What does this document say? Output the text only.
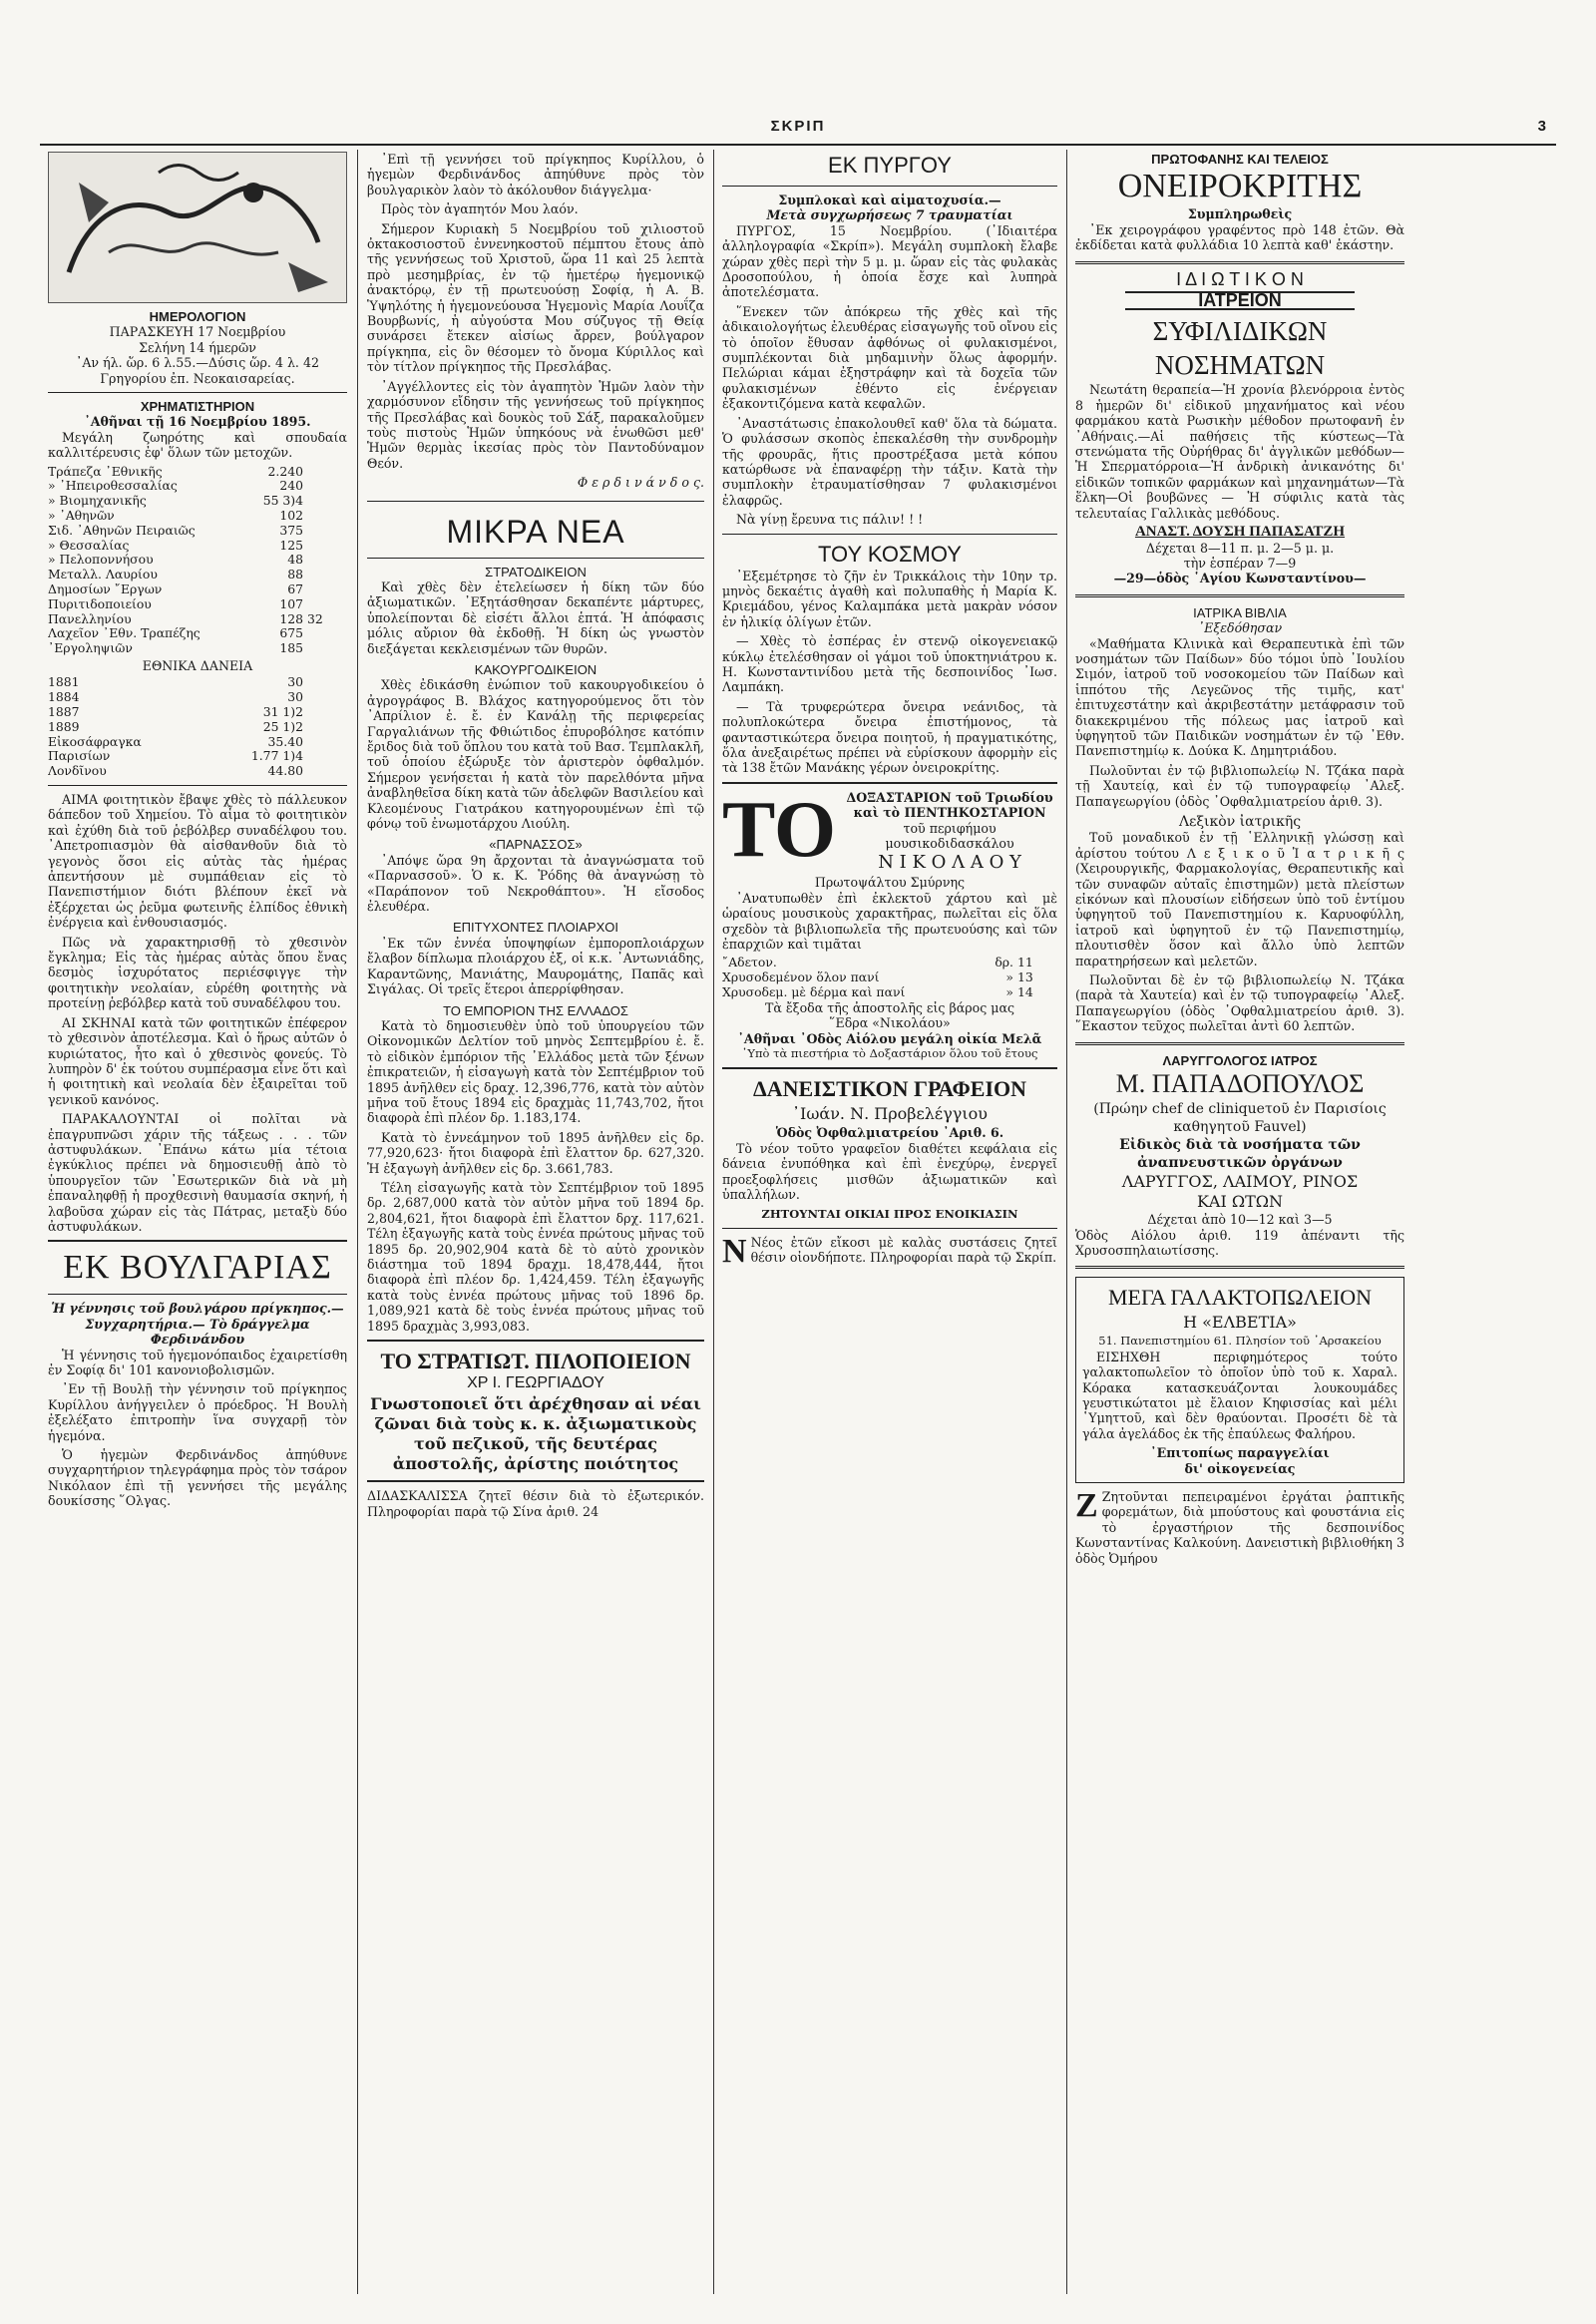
ΣΚΡΙΠ	3
ΗΜΕΡΟΛΟΓΙΟΝ
ΠΑΡΑΣΚΕΥΗ 17 Νοεμβρίου
Σελήνη 14 ήμερῶν
᾿Αν ήλ. ὥρ. 6 λ.55.—Δύσις ὥρ. 4 λ. 42
Γρηγορίου ἐπ. Νεοκαισαρείας.
ΧΡΗΜΑΤΙΣΤΗΡΙΟΝ
᾿Αθῆναι τῇ 16 Νοεμβρίου 1895.

Μεγάλη ζωηρότης καὶ σπουδαία καλλιτέρευσις ἐφ' ὅλων τῶν μετοχῶν.

Τράπεζα ᾿Εθνικῆς	2.240	
» ᾿Ηπειροθεσσαλίας	240	
» Βιομηχανικῆς	55 3)4	
» ᾿Αθηνῶν	102	
Σιδ. ᾿Αθηνῶν Πειραιῶς	375	
» Θεσσαλίας	125	
» Πελοποννήσου	48	
Μεταλλ. Λαυρίου	88	
Δημοσίων ῎Εργων	67	
Πυριτιδοποιείου	107	
Πανελληνίου	128	32
Λαχεῖον ᾿Εθν. Τραπέζης	675	
᾿Εργοληψιῶν	185	
ΕΘΝΙΚΑ ΔΑΝΕΙΑ
1881	30	
1884	30	
1887	31 1)2	
1889	25 1)2	
Εἰκοσάφραγκα	35.40	
Παρισίων	1.77 1)4	
Λονδῖνου	44.80	

ΑΙΜΑ φοιτητικὸν ἔβαψε χθὲς τὸ πάλλευκον δάπεδον τοῦ Χημείου. Τὸ αἷμα τὸ φοιτητικὸν καὶ ἐχύθη διὰ τοῦ ῥεβόλβερ συναδέλφου του. ᾿Απετροπιασμὸν θὰ αἰσθανθοῦν διὰ τὸ γεγονὸς ὅσοι εἰς αὐτὰς τὰς ἡμέρας ἀπεντήσουν μὲ συμπάθειαν εἰς τὸ Πανεπιστήμιον διότι βλέπουν ἐκεῖ νὰ ἐξέρχεται ὡς ῥεῦμα φωτεινῆς ἐλπίδος ἐθνικὴ ἐνέργεια καὶ ἐνθουσιασμός.

Πῶς νὰ χαρακτηρισθῇ τὸ χθεσινὸν ἔγκλημα; Εἰς τὰς ἡμέρας αὐτὰς ὅπου ἔνας δεσμὸς ἰσχυρότατος περιέσφιγγε τὴν φοιτητικὴν νεολαίαν, εὑρέθη φοιτητὴς νὰ προτείνῃ ῥεβόλβερ κατὰ τοῦ συναδέλφου του.

ΑΙ ΣΚΗΝΑΙ κατὰ τῶν φοιτητικῶν ἐπέφερον τὸ χθεσινὸν ἀποτέλεσμα. Καὶ ὁ ἥρως αὐτῶν ὁ κυριώτατος, ἦτο καὶ ὁ χθεσινὸς φονεύς. Τὸ λυπηρὸν δ' ἐκ τούτου συμπέρασμα εἶνε ὅτι καὶ ἡ φοιτητικὴ καὶ νεολαία δὲν ἐξαιρεῖται τοῦ γενικοῦ κανόνος.

ΠΑΡΑΚΑΛΟΥΝΤΑΙ οἱ πολῖται νὰ ἐπαγρυπνῶσι χάριν τῆς τάξεως . . . τῶν ἀστυφυλάκων. ᾿Επάνω κάτω μία τέτοια ἐγκύκλιος πρέπει νὰ δημοσιευθῇ ἀπὸ τὸ ὑπουργεῖον τῶν ᾿Εσωτερικῶν διὰ νὰ μὴ ἐπαναληφθῇ ἡ πρoχθεσινὴ θαυμασία σκηνή, ἡ λαβοῦσα χώραν εἰς τὰς Πάτρας, μεταξὺ δύο ἀστυφυλάκων.

ΕΚ ΒΟΥΛΓΑΡΙΑΣ
Ἡ γέννησις τοῦ βουλγάρου πρίγκηπος.— Συγχαρητήρια.— Τὸ δράγγελμα Φερδινάνδου

Ἡ γέννησις τοῦ ἡγεμονόπαιδος ἐχαιρετίσθη ἐν Σοφίᾳ δι' 101 κανονιοβολισμῶν.

᾿Εν τῇ Βουλῇ τὴν γέννησιν τοῦ πρίγκηπος Κυρίλλου ἀνήγγειλεν ὁ πρόεδρος. Ἡ Βουλὴ ἐξελέξατο ἐπιτροπὴν ἵνα συγχαρῇ τὸν ἡγεμόνα.

Ὁ ἡγεμὼν Φερδινάνδος ἀπηύθυνε συγχαρητήριον τηλεγράφημα πρὸς τὸν τσάρον Νικόλαον ἐπὶ τῇ γεννήσει τῆς μεγάλης δουκίσσης ῞Ολγας.

᾿Επὶ τῇ γεννήσει τοῦ πρίγκηπος Κυρίλλου, ὁ ἡγεμὼν Φερδινάνδος ἀπηύθυνε πρὸς τὸν βουλγαρικὸν λαὸν τὸ ἀκόλουθον διάγγελμα·

Πρὸς τὸν ἀγαπητόν Μου λαόν.

Σήμερον Κυριακὴ 5 Νοεμβρίου τοῦ χιλιοστοῦ ὀκτακοσιοστοῦ ἐννενηκοστοῦ πέμπτου ἔτους ἀπὸ τῆς γεννήσεως τοῦ Χριστοῦ, ὥρα 11 καὶ 25 λεπτὰ πρὸ μεσημβρίας, ἐν τῷ ἡμετέρῳ ἡγεμονικῷ ἀνακτόρῳ, ἐν τῇ πρωτευούσῃ Σοφίᾳ, ἡ Α. Β. Ὑψηλότης ἡ ἡγεμονεύουσα Ἡγεμονὶς Μαρία Λουΐζα Βουρβωνίς, ἡ αὐγούστα Μου σύζυγος τῇ Θείᾳ συνάρσει ἔτεκεν αἰσίως ἄρρεν, βούλγαρον πρίγκηπα, εἰς ὃν θέσομεν τὸ ὄνομα Κύριλλος καὶ τὸν τίτλον πρίγκηπος τῆς Πρεσλάβας.

᾿Αγγέλλοντες εἰς τὸν ἀγαπητὸν Ἡμῶν λαὸν τὴν χαρμόσυνον εἴδησιν τῆς γεννήσεως τοῦ πρίγκηπος τῆς Πρεσλάβας καὶ δουκὸς τοῦ Σάξ, παρακαλοῦμεν τοὺς πιστοὺς Ἡμῶν ὑπηκόους νὰ ἑνωθῶσι μεθ' Ἡμῶν θερμὰς ἱκεσίας πρὸς τὸν Παντοδύναμον Θεόν.

Φ ε ρ δ ι ν ά ν δ ο ς.
ΜΙΚΡΑ ΝΕΑ
ΣΤΡΑΤΟΔΙΚΕΙΟΝ

Καὶ χθὲς δὲν ἐτελείωσεν ἡ δίκη τῶν δύο ἀξιωματικῶν. ᾿Εξητάσθησαν δεκαπέντε μάρτυρες, ὑπολείπονται δὲ εἰσέτι ἄλλοι ἑπτά. Ἡ ἀπόφασις μόλις αὔριον θὰ ἐκδοθῇ. Ἡ δίκη ὡς γνωστὸν διεξάγεται κεκλεισμένων τῶν θυρῶν.

ΚΑΚΟΥΡΓΟΔΙΚΕΙΟΝ

Χθὲς ἐδικάσθη ἐνώπιον τοῦ κακουργοδικείου ὁ ἀγρογράφος Β. Βλάχος κατηγορούμενος ὅτι τὸν ᾿Απρίλιον ἐ. ἔ. ἐν Κανάλῃ τῆς περιφερείας Γαργαλιάνων τῆς Φθιώτιδος ἐπυροβόλησε κατόπιν ἔριδος διὰ τοῦ ὅπλου του κατὰ τοῦ Βασ. Τεμπλακλῆ, τοῦ ὁποίου ἐξώρυξε τὸν ἀριστερὸν ὀφθαλμόν. Σήμερον γενήσεται ἡ κατὰ τὸν παρελθόντα μῆνα ἀναβληθεῖσα δίκη κατὰ τῶν ἀδελφῶν Βασιλείου καὶ Κλεομένους Γιατράκου κατηγορουμένων ἐπὶ τῷ φόνῳ τοῦ ἐνωμοτάρχου Λιούλη.

«ΠΑΡΝΑΣΣΟΣ»

᾿Απόψε ὥρα 9η ἄρχονται τὰ ἀναγνώσματα τοῦ «Παρνασσοῦ». Ὁ κ. Κ. Ῥόδης θὰ ἀναγνώσῃ τὸ «Παράπονον τοῦ Νεκροθάπτου». Ἡ εἴσοδος ἐλευθέρα.

ΕΠΙΤΥΧΟΝΤΕΣ ΠΛΟΙΑΡΧΟΙ

᾿Εκ τῶν ἐννέα ὑποψηφίων ἐμποροπλοιάρχων ἔλαβον δίπλωμα πλοιάρχου ἐξ, οἱ κ.κ. ᾿Αντωνιάδης, Καραντῶνης, Μανιάτης, Μαυρομάτης, Παπᾶς καὶ Σιγάλας. Οἱ τρεῖς ἕτεροι ἀπερρίφθησαν.

ΤΟ ΕΜΠΟΡΙΟΝ ΤΗΣ ΕΛΛΑΔΟΣ

Κατὰ τὸ δημοσιευθὲν ὑπὸ τοῦ ὑπουργείου τῶν Οἰκονομικῶν Δελτίον τοῦ μηνὸς Σεπτεμβρίου ἐ. ἔ. τὸ εἰδικὸν ἐμπόριον τῆς ᾿Ελλάδος μετὰ τῶν ξένων ἐπικρατειῶν, ἡ εἰσαγωγὴ κατὰ τὸν Σεπτέμβριον τοῦ 1895 ἀνῆλθεν εἰς δραχ. 12,396,776, κατὰ τὸν αὐτὸν μῆνα τοῦ ἔτους 1894 εἰς δραχμὰς 11,743,702, ἤτοι διαφορὰ ἐπὶ πλέον δρ. 1.183,174.

Κατὰ τὸ ἐννεάμηνον τοῦ 1895 ἀνῆλθεν εἰς δρ. 77,920,623· ἤτοι διαφορὰ ἐπὶ ἔλαττον δρ. 627,320. Ἡ ἐξαγωγὴ ἀνῆλθεν εἰς δρ. 3.661,783.

Τέλη εἰσαγωγῆς κατὰ τὸν Σεπτέμβριον τοῦ 1895 δρ. 2,687,000 κατὰ τὸν αὐτὸν μῆνα τοῦ 1894 δρ. 2,804,621, ἤτοι διαφορὰ ἐπὶ ἔλαττον δρχ. 117,621. Τέλη ἐξαγωγῆς κατὰ τοὺς ἐννέα πρώτους μῆνας τοῦ 1895 δρ. 20,902,904 κατὰ δὲ τὸ αὐτὸ χρονικὸν διάστημα τοῦ 1894 δραχμ. 18,478,444, ἤτοι διαφορὰ ἐπὶ πλέον δρ. 1,424,459. Τέλη ἐξαγωγῆς κατὰ τοὺς ἐννέα πρώτους μῆνας τοῦ 1896 δρ. 1,089,921 κατὰ δὲ τοὺς ἐννέα πρώτους μῆνας τοῦ 1895 δραχμὰς 3,993,083.

ΤΟ ΣΤΡΑΤΙΩΤ. ΠΙΛΟΠΟΙΕΙΟΝ
ΧΡ Ι. ΓΕΩΡΓΙΑΔΟΥ
Γνωστοποιεῖ ὅτι ἀρέχθησαν αἱ νέαι ζῶναι διὰ τοὺς κ. κ. ἀξιωματικοὺς τοῦ πεζικοῦ, τῆς δευτέρας ἀποστολῆς, ἀρίστης ποιότητος

ΔΙΔΑΣΚΑΛΙΣΣΑ ζητεῖ θέσιν διὰ τὸ ἐξωτερικόν. Πληροφορίαι παρὰ τῷ Σίνα ἀριθ. 24

ΕΚ ΠΥΡΓΟΥ
Συμπλοκαὶ καὶ αἱματοχυσία.—
Μετὰ συγχωρήσεως 7 τραυματίαι

ΠΥΡΓΟΣ, 15 Νοεμβρίου. (᾿Ιδιαιτέρα ἀλληλογραφία «Σκρίπ»). Μεγάλη συμπλοκὴ ἔλαβε χώραν χθὲς περὶ τὴν 5 μ. μ. ὥραν εἰς τὰς φυλακὰς Δροσοπούλου, ἡ ὁποία ἔσχε καὶ λυπηρὰ ἀποτελέσματα.

῞Ενεκεν τῶν ἀπόκρεω τῆς χθὲς καὶ τῆς ἀδικαιολογήτως ἐλευθέρας εἰσαγωγῆς τοῦ οἴνου εἰς τὸ ὁποῖον ἔθυσαν ἀφθόνως οἱ φυλακισμένοι, συμπλέκονται διὰ μηδαμινὴν ὅλως ἀφορμήν. Πελώριαι κάμαι ἐξηστράφην καὶ τὰ δοχεῖα τῶν φυλακισμένων ἐθέντο εἰς ἐνέργειαν ἐξακοντιζόμενα κατὰ κεφαλῶν.

᾿Αναστάτωσις ἐπακολουθεῖ καθ' ὅλα τὰ δώματα. Ὁ φυλάσσων σκοπὸς ἐπεκαλέσθη τὴν συνδρομὴν τῆς φρουρᾶς, ἥτις προστρέξασα μετὰ κόπου κατώρθωσε νὰ ἐπαναφέρῃ τὴν τάξιν. Κατὰ τὴν συμπλοκὴν ἐτραυματίσθησαν 7 φυλακισμένοι ἐλαφρῶς.

Νὰ γίνῃ ἔρευνα τις πάλιν! ! !

ΤΟΥ ΚΟΣΜΟΥ

᾿Εξεμέτρησε τὸ ζῆν ἐν Τρικκάλοις τὴν 10ην τρ. μηνὸς δεκαέτις ἀγαθὴ καὶ πολυπαθὴς ἡ Μαρία Κ. Κριεμάδου, γένος Καλαμπάκα μετὰ μακρὰν νόσον ἐν ἡλικίᾳ ὀλίγων ἐτῶν.

— Χθὲς τὸ ἑσπέρας ἐν στενῷ οἰκογενειακῷ κύκλῳ ἐτελέσθησαν οἱ γάμοι τοῦ ὑποκτηνιάτρου κ. Η. Κωνσταντινίδου μετὰ τῆς δεσποινίδος ᾿Ιωσ. Λαμπάκη.

— Τὰ τρυφερώτερα ὄνειρα νεάνιδος, τὰ πολυπλοκώτερα ὄνειρα ἐπιστήμονος, τὰ φανταστικώτερα ὄνειρα ποιητοῦ, ἡ πραγματικότης, ὅλα ἀνεξαιρέτως πρέπει νὰ εὑρίσκουν ἀφορμὴν εἰς τὰ 138 ἔτῶν Μανάκης γέρων ὀνειροκρίτης.

ΤΟ ΔΟΞΑΣΤΑΡΙΟΝ τοῦ Τριωδίου
καὶ τὸ ΠΕΝΤΗΚΟΣΤΑΡΙΟΝ
τοῦ περιφήμου μουσικοδιδασκάλου
Ν Ι Κ Ο Λ Α Ο Υ
Πρωτοψάλτου Σμύρνης

᾿Ανατυπωθὲν ἐπὶ ἐκλεκτοῦ χάρτου καὶ μὲ ὡραίους μουσικοὺς χαρακτῆρας, πωλεῖται εἰς ὅλα σχεδὸν τὰ βιβλιοπωλεῖα τῆς πρωτευούσης καὶ τῶν ἐπαρχιῶν καὶ τιμᾶται

῎Αδετον.	δρ.	11
Χρυσοδεμένον ὅλον πανί	»	13
Χρυσοδεμ. μὲ δέρμα καὶ πανί	»	14
Τὰ ἔξοδα τῆς ἀποστολῆς εἰς βάρος μας
῞Εδρα «Νικολάου»
᾿Αθῆναι ᾿Οδὸς Αἰόλου μεγάλη οἰκία Μελᾶ
῾Υπὸ τὰ πιεστήρια τὸ Δοξαστάριον ὅλου τοῦ ἔτους
ΔΑΝΕΙΣΤΙΚΟΝ ΓΡΑΦΕΙΟΝ
᾿Ιωάν. Ν. Προβελέγγιου
Ὁδὸς Ὀφθαλμιατρείου ᾿Αριθ. 6.

Τὸ νέον τοῦτο γραφεῖον διαθέτει κεφάλαια εἰς δάνεια ἐνυπόθηκα καὶ ἐπὶ ἐνεχύρῳ, ἐνεργεῖ προεξοφλήσεις μισθῶν ἀξιωματικῶν καὶ ὑπαλλήλων.

ΖΗΤΟΥΝΤΑΙ ΟΙΚΙΑΙ ΠΡΟΣ ΕΝΟΙΚΙΑΣΙΝ
Ν Νέος ἐτῶν εἴκοσι μὲ καλὰς συστάσεις ζητεῖ θέσιν οἰονδήποτε. Πληροφορίαι παρὰ τῷ Σκρίπ.

ΠΡΩΤΟΦΑΝΗΣ ΚΑΙ ΤΕΛΕΙΟΣ
ΟΝΕΙΡΟΚΡΙΤΗΣ
Συμπληρωθεὶς

᾿Εκ χειρογράφου γραφέντος πρὸ 148 ἐτῶν. Θὰ ἐκδίδεται κατὰ φυλλάδια 10 λεπτὰ καθ' ἑκάστην.

Ι Δ Ι Ω Τ Ι Κ Ο Ν
ΙΑΤΡΕΙΟΝ
ΣΥΦΙΛΙΔΙΚΩΝ ΝΟΣΗΜΑΤΩΝ

Νεωτάτη θεραπεία—Ἡ χρονία βλενόρροια ἐντὸς 8 ἡμερῶν δι' εἰδικοῦ μηχανήματος καὶ νέου φαρμάκου κατὰ Ρωσικὴν μέθοδον πρωτοφανῆ ἐν ᾿Αθήναις.—Αἱ παθήσεις τῆς κύστεως—Τὰ στενώματα τῆς Οὐρήθρας δι' ἀγγλικῶν μεθόδων—Ἡ Σπερματόρροια—Ἡ ἀνδρικὴ ἀνικανότης δι' εἰδικῶν τοπικῶν φαρμάκων καὶ μηχανημάτων—Τὰ ἕλκη—Οἱ βουβῶνες — Ἡ σύφιλις κατὰ τὰς τελευταίας Γαλλικὰς μεθόδους.

ΑΝΑΣΤ. ΔΟΥΣΗ ΠΑΠΑΣΑΤΖΗ
Δέχεται 8—11 π. μ. 2—5 μ. μ.
τὴν ἑσπέραν 7—9
—29—ὁδὸς ῾Αγίου Κωνσταντίνου—
ΙΑΤΡΙΚΑ ΒΙΒΛΙΑ
᾿Εξεδόθησαν

«Μαθήματα Κλινικὰ καὶ Θεραπευτικὰ ἐπὶ τῶν νοσημάτων τῶν Παίδων» δύο τόμοι ὑπὸ ᾿Ιουλίου Σιμόν, ἰατροῦ τοῦ νοσοκομείου τῶν Παίδων καὶ ἱππότου τῆς Λεγεῶνος τῆς τιμῆς, κατ' ἐπιτυχεστάτην καὶ ἀκριβεστάτην μετάφρασιν τοῦ διακεκριμένου τῆς πόλεως μας ἰατροῦ καὶ ὑφηγητοῦ τῶν Παιδικῶν νοσημάτων ἐν τῷ ᾿Εθν. Πανεπιστημίῳ κ. Δούκα Κ. Δημητριάδου.

Πωλοῦνται ἐν τῷ βιβλιοπωλείῳ Ν. Τζάκα παρὰ τῇ Χαυτείᾳ, καὶ ἐν τῷ τυπογραφείῳ ᾿Αλεξ. Παπαγεωργίου (ὁδὸς ᾿Οφθαλμιατρείου ἀριθ. 3).

Λεξικὸν ἰατρικῆς

Τοῦ μοναδικοῦ ἐν τῇ ῾Ελληνικῇ γλώσσῃ καὶ ἀρίστου τούτου Λ ε ξ ι κ ο ῦ Ἰ α τ ρ ι κ ῆ ς (Χειρουργικῆς, Φαρμακολογίας, Θεραπευτικῆς καὶ τῶν συναφῶν αὐταῖς ἐπιστημῶν) μετὰ πλείστων εἰκόνων καὶ πλουσίων εἰδήσεων ὑπὸ τοῦ ἐντίμου ὑφηγητοῦ τοῦ Πανεπιστημίου κ. Καρυοφύλλη, ἰατροῦ καὶ ὑφηγητοῦ ἐν τῷ Πανεπιστημίῳ, πλουτισθὲν ὅσον καὶ ἄλλο ὑπὸ λεπτῶν παρατηρήσεων καὶ μελετῶν.

Πωλοῦνται δὲ ἐν τῷ βιβλιοπωλείῳ Ν. Τζάκα (παρὰ τὰ Χαυτεία) καὶ ἐν τῷ τυπογραφείῳ ᾿Αλεξ. Παπαγεωργίου (ὁδὸς ᾿Οφθαλμιατρείου ἀριθ. 3). ῞Εκαστον τεῦχος πωλεῖται ἀντὶ 60 λεπτῶν.

ΛΑΡΥΓΓΟΛΟΓΟΣ ΙΑΤΡΟΣ
Μ. ΠΑΠΑΔΟΠΟΥΛΟΣ
(Πρώην chef de cliniqueτοῦ ἐν Παρισίοις καθηγητοῦ Fauvel)
Εἰδικὸς διὰ τὰ νοσήματα τῶν ἀναπνευστικῶν ὀργάνων
ΛΑΡΥΓΓΟΣ, ΛΑΙΜΟΥ, ΡΙΝΟΣ
ΚΑΙ ΩΤΩΝ
Δέχεται ἀπὸ 10—12 καὶ 3—5

Ὁδὸς Αἰόλου ἀριθ. 119 ἀπέναντι τῆς Χρυσοσπηλαιωτίσσης.

ΜΕΓΑ ΓΑΛΑΚΤΟΠΩΛΕΙΟΝ
Η «ΕΛΒΕΤΙΑ»
51. Πανεπιστημίου 61. Πλησίον τοῦ ᾿Αρσακείου

ΕΙΣΗΧΘΗ περιφημότερος τούτο γαλακτοπωλεῖον τὸ ὁποῖον ὑπὸ τοῦ κ. Χαραλ. Κόρακα κατασκευάζονται λουκουμάδες γευστικώτατοι μὲ ἔλαιον Κηφισσίας καὶ μέλι ῾Υμηττοῦ, καὶ δὲν θραύονται. Προσέτι δὲ τὰ γάλα ἀγελάδος ἐκ τῆς ἐπαύλεως Φαλήρου.

᾿Επιτοπίως παραγγελίαι
δι' οἰκογενείας
Ζ Ζητοῦνται πεπειραμένοι ἐργάται ῥαπτικῆς φορεμάτων, διὰ μπούστους καὶ φουστάνια εἰς τὸ ἐργαστήριον τῆς δεσποινίδος Κωνσταντίνας Καλκούνη. Δανειστικὴ βιβλιοθήκη 3 ὁδὸς Ὀμήρου
